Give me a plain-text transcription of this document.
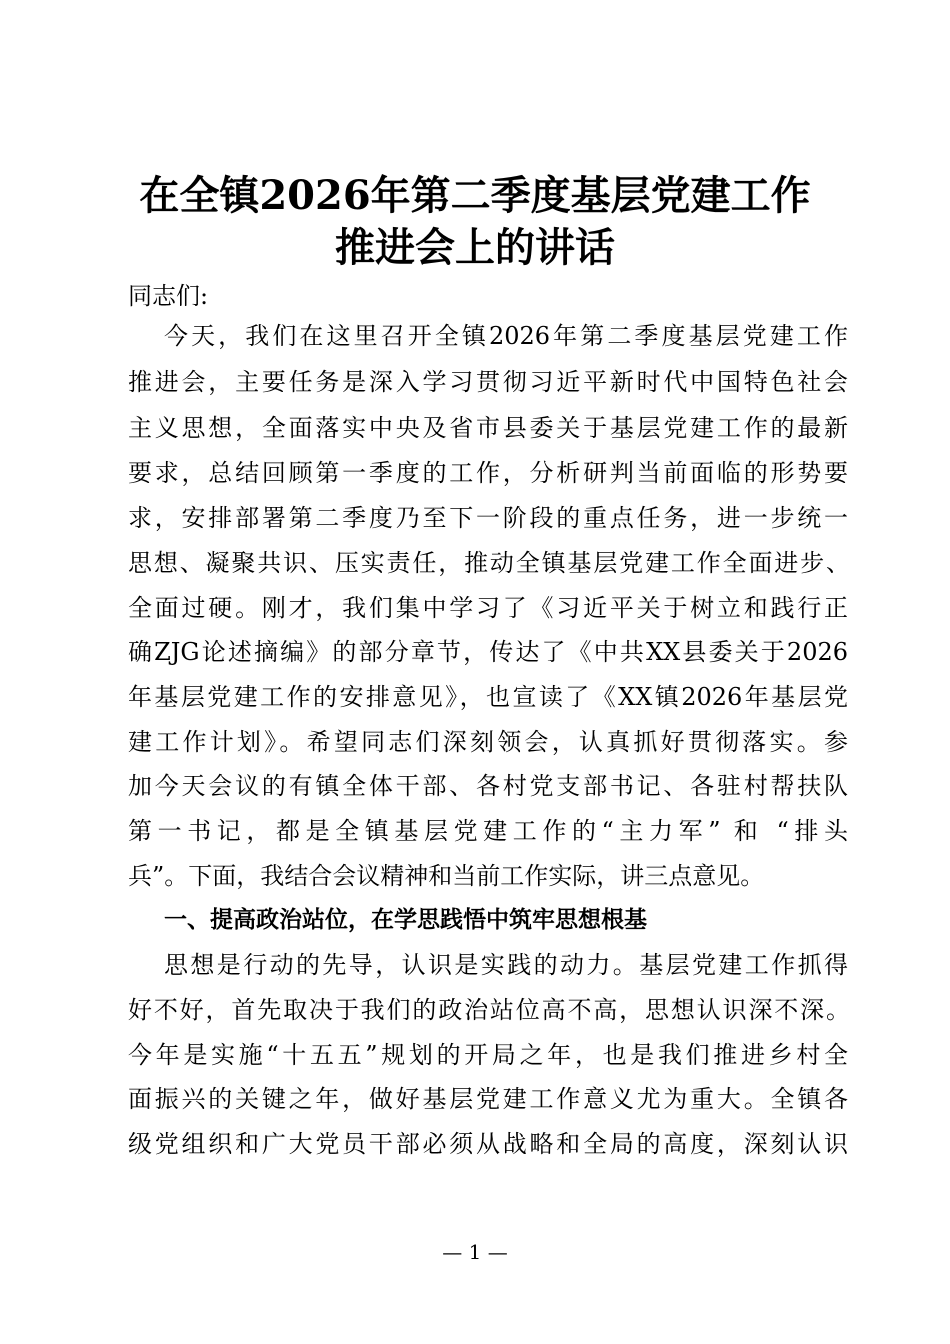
在全镇2026年第二季度基层党建工作
推进会上的讲话
同志们:
今天，我们在这里召开全镇2026年第二季度基层党建工作
推进会，主要任务是深入学习贯彻习近平新时代中国特色社会
主义思想，全面落实中央及省市县委关于基层党建工作的最新
要求，总结回顾第一季度的工作，分析研判当前面临的形势要
求，安排部署第二季度乃至下一阶段的重点任务，进一步统一
思想、凝聚共识、压实责任，推动全镇基层党建工作全面进步、
全面过硬。刚才，我们集中学习了《习近平关于树立和践行正
确ZJG论述摘编》的部分章节，传达了《中共XX县委关于2026
年基层党建工作的安排意见》，也宣读了《XX镇2026年基层党
建工作计划》。希望同志们深刻领会，认真抓好贯彻落实。参
加今天会议的有镇全体干部、各村党支部书记、各驻村帮扶队
第一书记，都是全镇基层党建工作的“主力军” 和 “排头
兵”。下面，我结合会议精神和当前工作实际，讲三点意见。
一、提高政治站位，在学思践悟中筑牢思想根基
思想是行动的先导，认识是实践的动力。基层党建工作抓得
好不好，首先取决于我们的政治站位高不高，思想认识深不深。
今年是实施“十五五”规划的开局之年，也是我们推进乡村全
面振兴的关键之年，做好基层党建工作意义尤为重大。全镇各
级党组织和广大党员干部必须从战略和全局的高度，深刻认识
— 1 —
